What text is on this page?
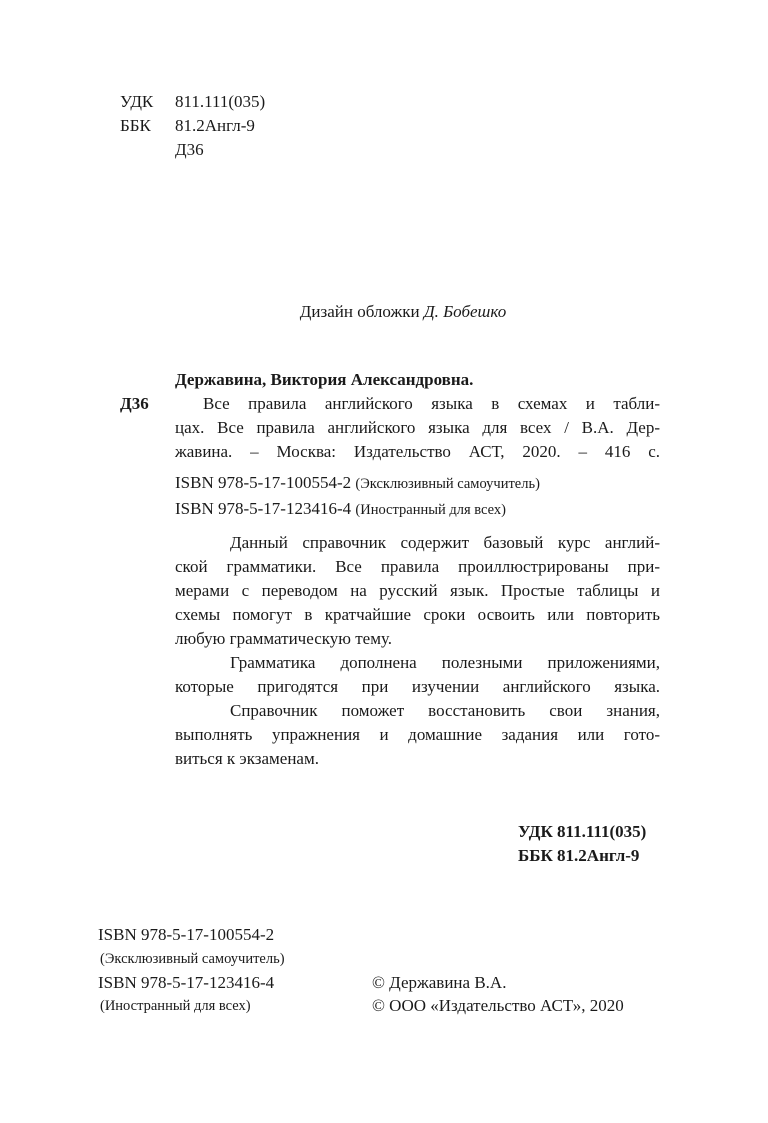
УДК 811.111(035)
ББК 81.2Англ-9
Д36
Дизайн обложки Д. Бобешко
Державина, Виктория Александровна.
Д36	Все правила английского языка в схемах и табли-
цах. Все правила английского языка для всех / В.А. Дер-
жавина. – Москва: Издательство АСТ, 2020. – 416 с.
ISBN 978-5-17-100554-2 (Эксклюзивный самоучитель)
ISBN 978-5-17-123416-4 (Иностранный для всех)
Данный справочник содержит базовый курс англий-
ской грамматики. Все правила проиллюстрированы при-
мерами с переводом на русский язык. Простые таблицы и
схемы помогут в кратчайшие сроки освоить или повторить
любую грамматическую тему.
Грамматика дополнена полезными приложениями,
которые пригодятся при изучении английского языка.
Справочник поможет восстановить свои знания,
выполнять упражнения и домашние задания или гото-
виться к экзаменам.
УДК 811.111(035)
ББК 81.2Англ-9
ISBN 978-5-17-100554-2
(Эксклюзивный самоучитель)
ISBN 978-5-17-123416-4
(Иностранный для всех)
© Державина В.А.
© ООО «Издательство АСТ», 2020
